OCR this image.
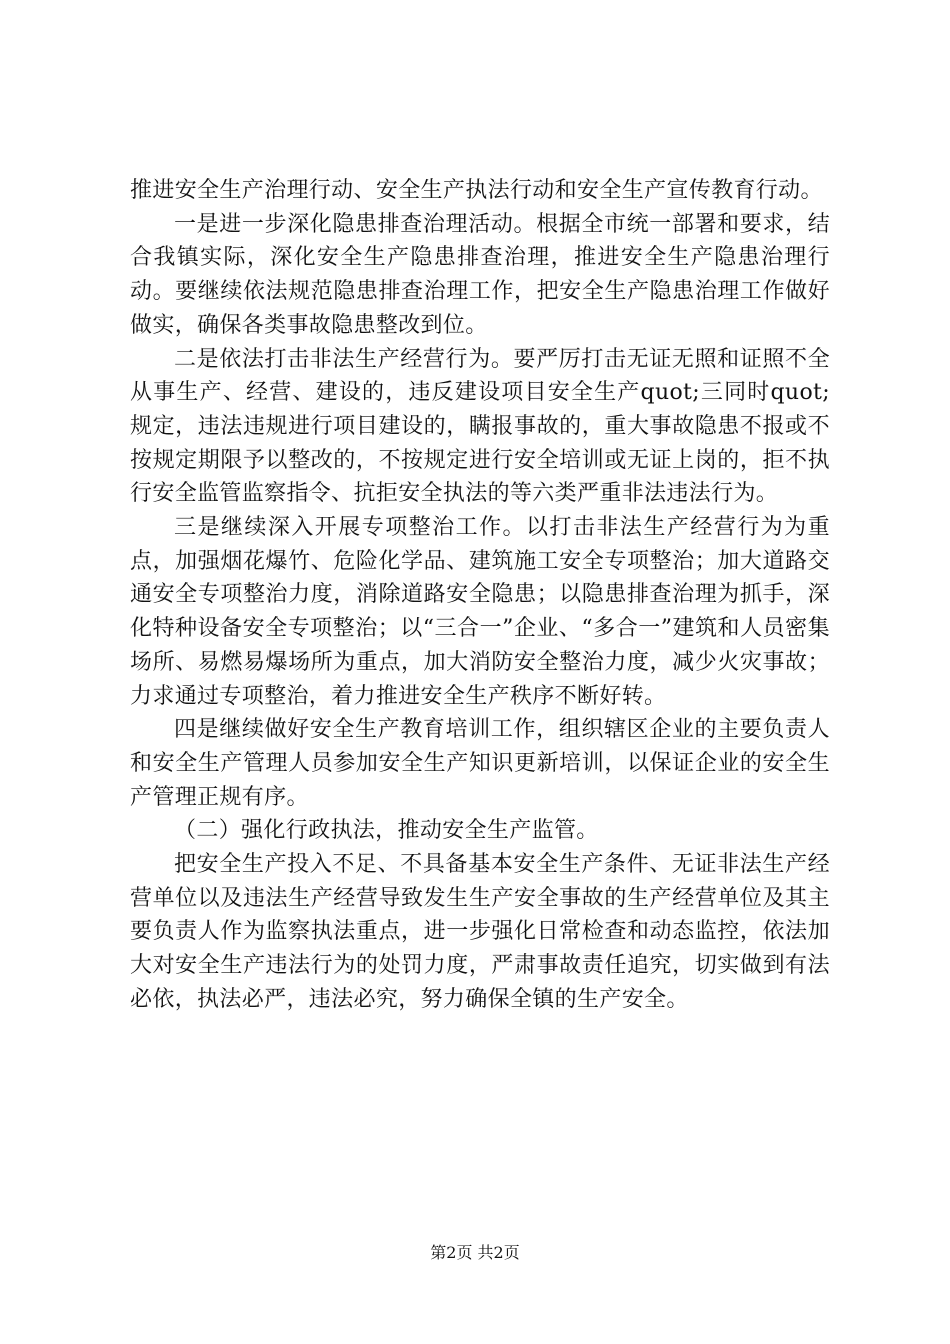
推进安全生产治理行动、安全生产执法行动和安全生产宣传教育行动。

一是进一步深化隐患排查治理活动。根据全市统一部署和要求，结合我镇实际，深化安全生产隐患排查治理，推进安全生产隐患治理行动。要继续依法规范隐患排查治理工作，把安全生产隐患治理工作做好做实，确保各类事故隐患整改到位。

二是依法打击非法生产经营行为。要严厉打击无证无照和证照不全从事生产、经营、建设的，违反建设项目安全生产quot;三同时quot;规定，违法违规进行项目建设的，瞒报事故的，重大事故隐患不报或不按规定期限予以整改的，不按规定进行安全培训或无证上岗的，拒不执行安全监管监察指令、抗拒安全执法的等六类严重非法违法行为。

三是继续深入开展专项整治工作。以打击非法生产经营行为为重点，加强烟花爆竹、危险化学品、建筑施工安全专项整治；加大道路交通安全专项整治力度，消除道路安全隐患；以隐患排查治理为抓手，深化特种设备安全专项整治；以“三合一”企业、“多合一”建筑和人员密集场所、易燃易爆场所为重点，加大消防安全整治力度，减少火灾事故；力求通过专项整治，着力推进安全生产秩序不断好转。

四是继续做好安全生产教育培训工作，组织辖区企业的主要负责人和安全生产管理人员参加安全生产知识更新培训，以保证企业的安全生产管理正规有序。

（二）强化行政执法，推动安全生产监管。

把安全生产投入不足、不具备基本安全生产条件、无证非法生产经营单位以及违法生产经营导致发生生产安全事故的生产经营单位及其主要负责人作为监察执法重点，进一步强化日常检查和动态监控，依法加大对安全生产违法行为的处罚力度，严肃事故责任追究，切实做到有法必依，执法必严，违法必究，努力确保全镇的生产安全。

第2页 共2页
